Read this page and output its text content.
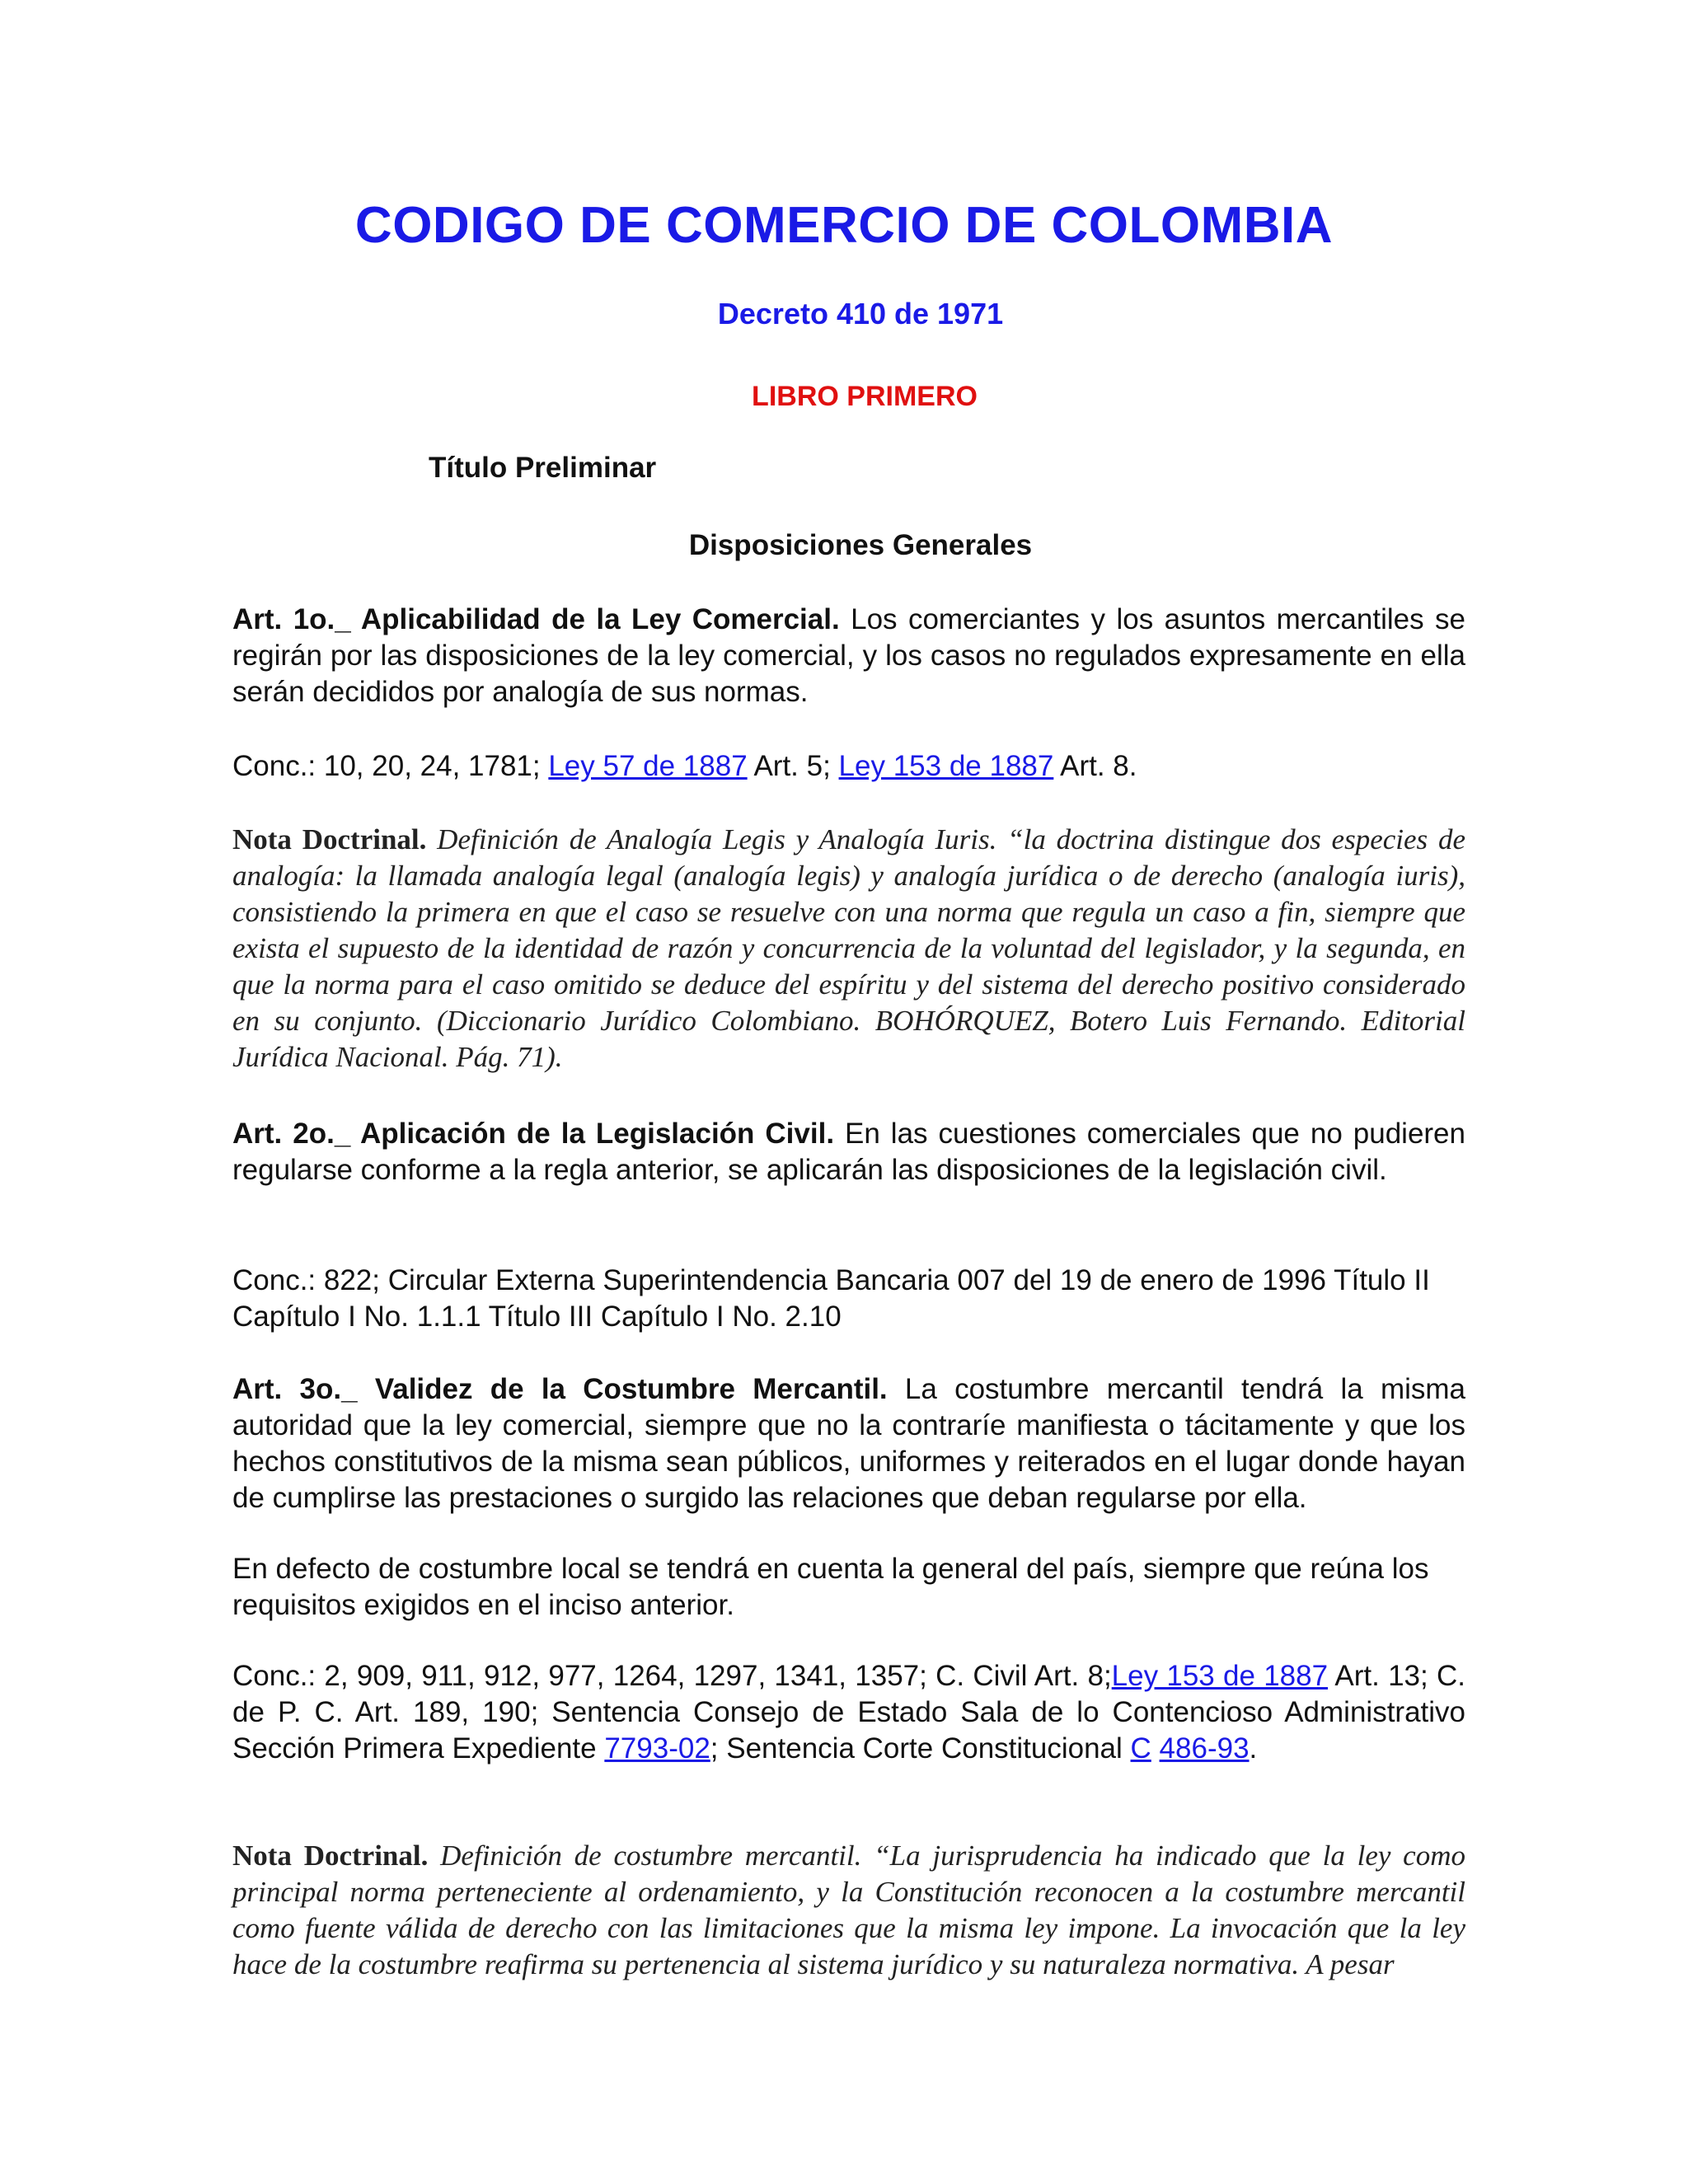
CODIGO DE COMERCIO DE COLOMBIA
Decreto 410 de 1971
LIBRO PRIMERO
Título Preliminar
Disposiciones Generales
Art. 1o._ Aplicabilidad de la Ley Comercial. Los comerciantes y los asuntos mercantiles se regirán por las disposiciones de la ley comercial, y los casos no regulados expresamente en ella serán decididos por analogía de sus normas.
Conc.: 10, 20, 24, 1781; Ley 57 de 1887 Art. 5; Ley 153 de 1887 Art. 8.
Nota Doctrinal. Definición de Analogía Legis y Analogía Iuris. “la doctrina distingue dos especies de analogía: la llamada analogía legal (analogía legis) y analogía jurídica o de derecho (analogía iuris), consistiendo la primera en que el caso se resuelve con una norma que regula un caso a fin, siempre que exista el supuesto de la identidad de razón y concurrencia de la voluntad del legislador, y la segunda, en que la norma para el caso omitido se deduce del espíritu y del sistema del derecho positivo considerado en su conjunto. (Diccionario Jurídico Colombiano. BOHÓRQUEZ, Botero Luis Fernando. Editorial Jurídica Nacional. Pág. 71).
Art. 2o._ Aplicación de la Legislación Civil. En las cuestiones comerciales que no pudieren regularse conforme a la regla anterior, se aplicarán las disposiciones de la legislación civil.
Conc.: 822; Circular Externa Superintendencia Bancaria 007 del 19 de enero de 1996 Título II Capítulo I No. 1.1.1 Título III Capítulo I No. 2.10
Art. 3o._ Validez de la Costumbre Mercantil. La costumbre mercantil tendrá la misma autoridad que la ley comercial, siempre que no la contraríe manifiesta o tácitamente y que los hechos constitutivos de la misma sean públicos, uniformes y reiterados en el lugar donde hayan de cumplirse las prestaciones o surgido las relaciones que deban regularse por ella.
En defecto de costumbre local se tendrá en cuenta la general del país, siempre que reúna los requisitos exigidos en el inciso anterior.
Conc.: 2, 909, 911, 912, 977, 1264, 1297, 1341, 1357; C. Civil Art. 8;Ley 153 de 1887 Art. 13; C. de P. C. Art. 189, 190; Sentencia Consejo de Estado Sala de lo Contencioso Administrativo Sección Primera Expediente 7793-02; Sentencia Corte Constitucional C 486-93.
Nota Doctrinal. Definición de costumbre mercantil. “La jurisprudencia ha indicado que la ley como principal norma perteneciente al ordenamiento, y la Constitución reconocen a la costumbre mercantil como fuente válida de derecho con las limitaciones que la misma ley impone. La invocación que la ley hace de la costumbre reafirma su pertenencia al sistema jurídico y su naturaleza normativa. A pesar
